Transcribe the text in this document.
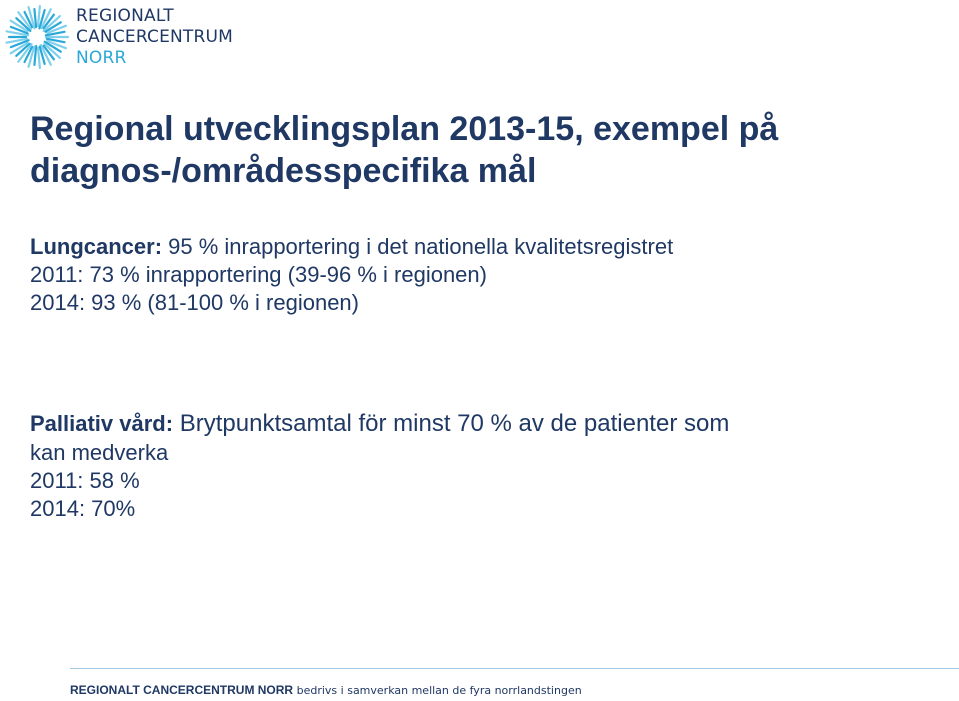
REGIONALT
CANCERCENTRUM
NORR
Regional utvecklingsplan 2013-15, exempel på
diagnos-/områdesspecifika mål
Lungcancer: 95 % inrapportering i det nationella kvalitetsregistret
2011: 73 % inrapportering (39-96 % i regionen)
2014: 93 % (81-100 % i regionen)
Palliativ vård: Brytpunktsamtal för minst 70 % av de patienter som
kan medverka
2011: 58 %
2014: 70%
REGIONALT CANCERCENTRUM NORR bedrivs i samverkan mellan de fyra norrlandstingen
